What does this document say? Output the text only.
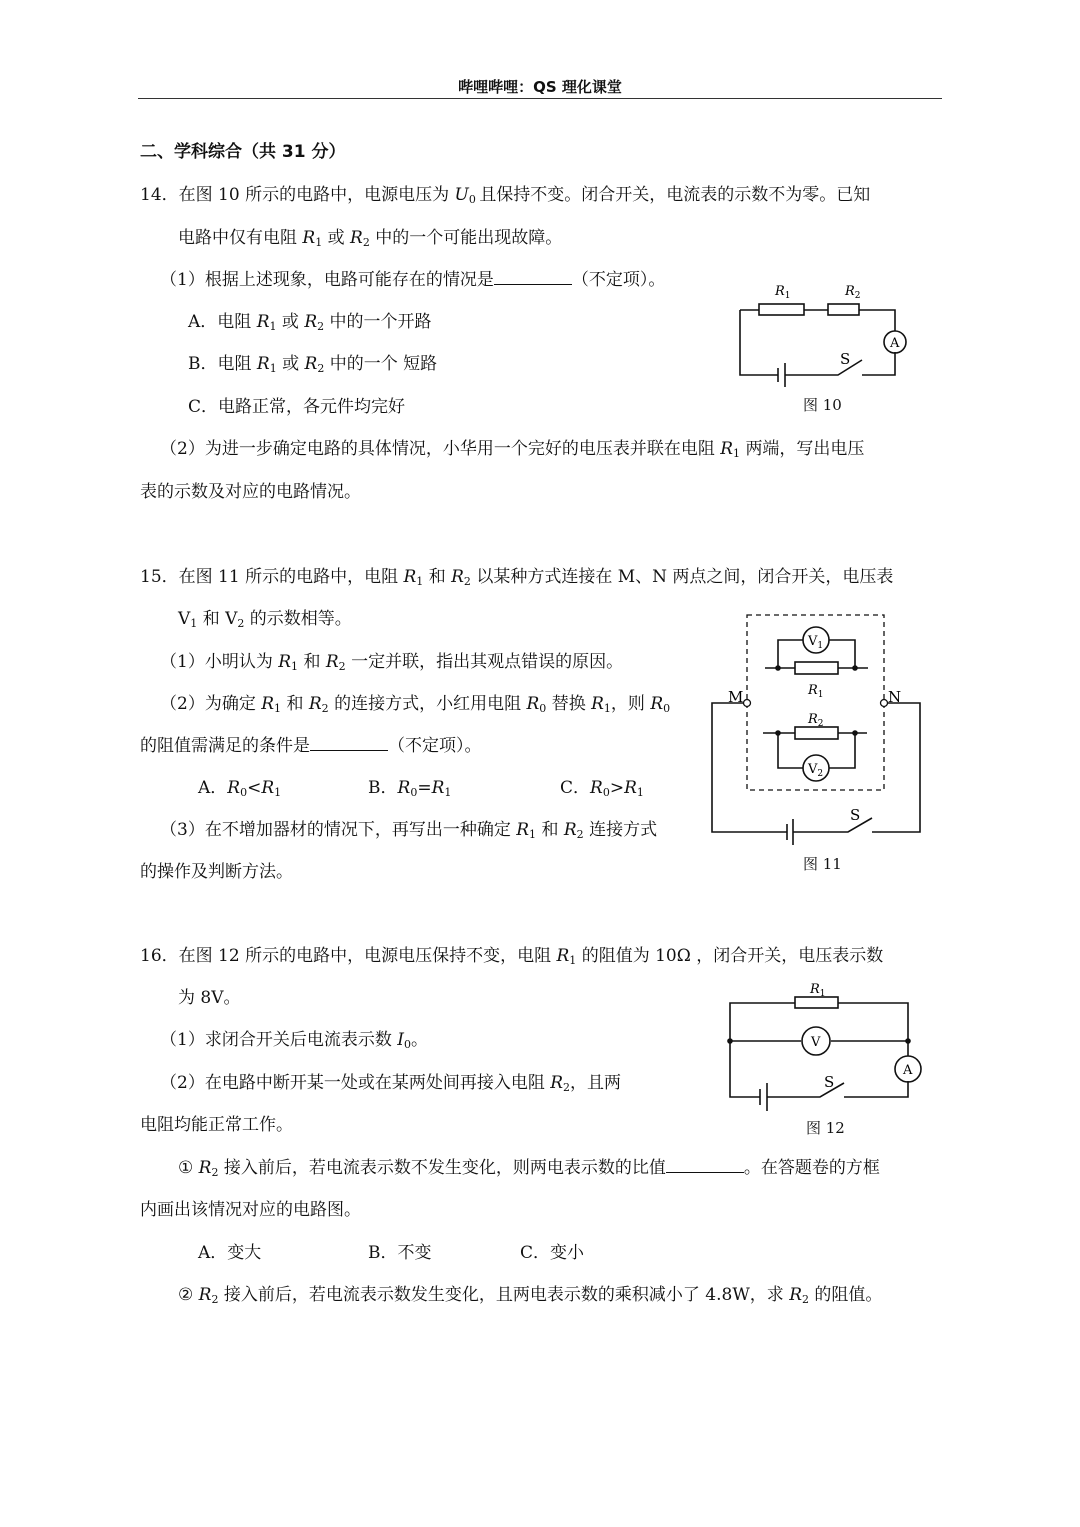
哔哩哔哩：QS 理化课堂
二、学科综合（共 31 分）
14．在图 10 所示的电路中，电源电压为 $U_0$ 且保持不变。闭合开关，电流表的示数不为零。已知
电路中仅有电阻 $R_1$ 或 $R_2$ 中的一个可能出现故障。
（1）根据上述现象，电路可能存在的情况是	（不定项）。
A．电阻 $R_1$ 或 $R_2$ 中的一个开路
B．电阻 $R_1$ 或 $R_2$ 中的一个 短路
C．电路正常，各元件均完好
（2）为进一步确定电路的具体情况，小华用一个完好的电压表并联在电阻 $R_1$ 两端，写出电压
表的示数及对应的电路情况。
$R_1$	$R_2$
A
S
图 10
15．在图 11 所示的电路中，电阻 $R_1$ 和 $R_2$ 以某种方式连接在 M、N 两点之间，闭合开关，电压表
$V_1$ 和 $V_2$ 的示数相等。
（1）小明认为 $R_1$ 和 $R_2$ 一定并联，指出其观点错误的原因。
（2）为确定 $R_1$ 和 $R_2$ 的连接方式，小红用电阻 $R_0$ 替换 $R_1$，则 $R_0$
的阻值需满足的条件是	（不定项）。
A．$R_0<R_1$	B．$R_0=R_1$	C．$R_0>R_1$
（3）在不增加器材的情况下，再写出一种确定 $R_1$ 和 $R_2$ 连接方式
的操作及判断方法。
M	N
$V_1$
$V_2$
$R_1$
$R_2$
S
图 11
16．在图 12 所示的电路中，电源电压保持不变，电阻 $R_1$ 的阻值为 10Ω ，闭合开关，电压表示数
为 8V。
（1）求闭合开关后电流表示数 $I_0$。
（2）在电路中断开某一处或在某两处间再接入电阻 $R_2$，且两
电阻均能正常工作。
① $R_2$ 接入前后，若电流表示数不发生变化，则两电表示数的比值	。在答题卷的方框
内画出该情况对应的电路图。
A．变大	B．不变	C．变小
② $R_2$ 接入前后，若电流表示数发生变化，且两电表示数的乘积减小了 4.8W，求 $R_2$ 的阻值。
$R_1$
V
A
S
图 12
